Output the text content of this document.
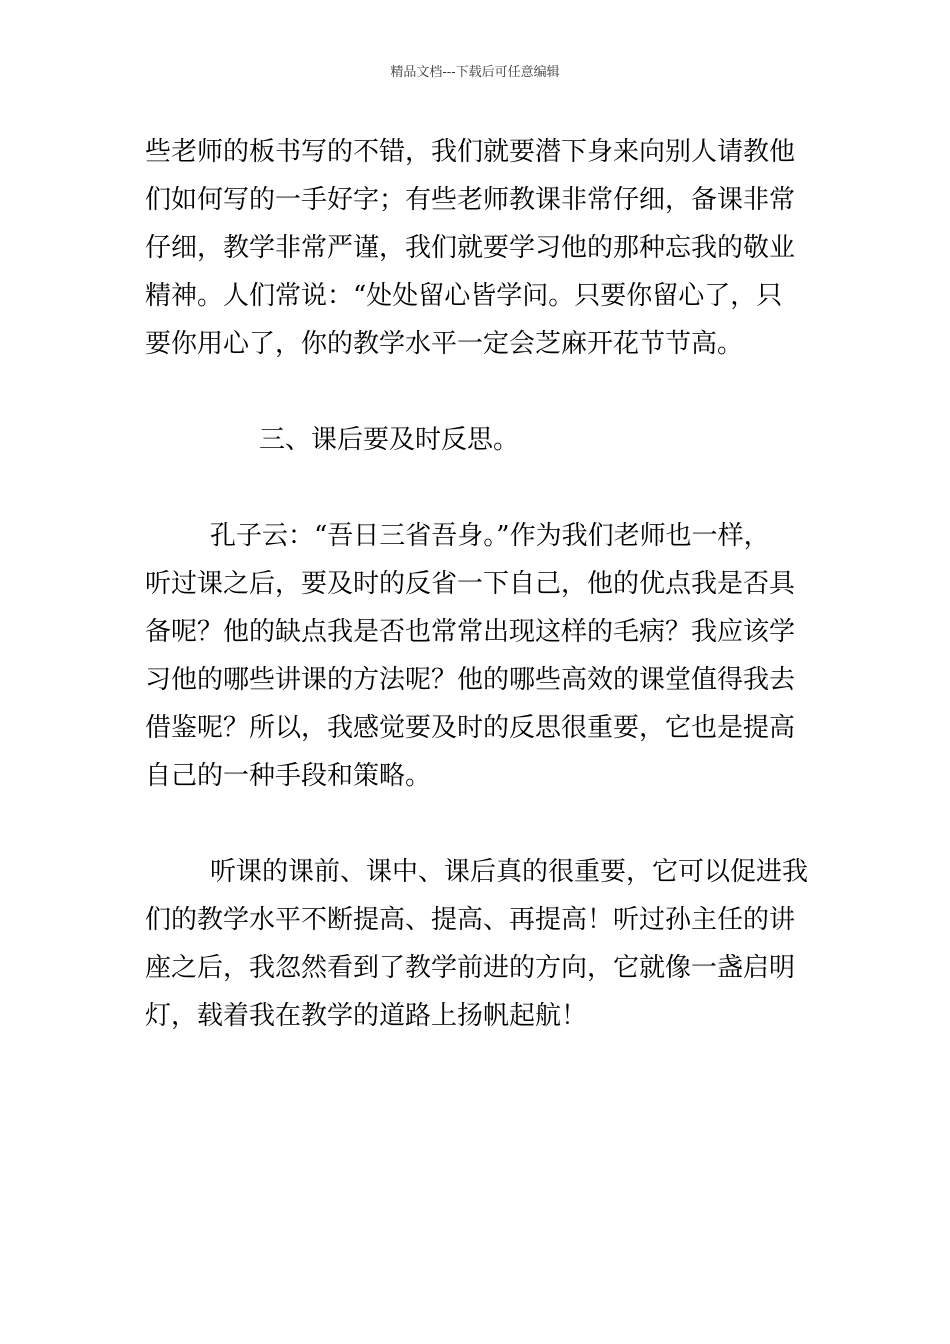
精品文档---下载后可任意编辑
些老师的板书写的不错，我们就要潜下身来向别人请教他
们如何写的一手好字；有些老师教课非常仔细，备课非常
仔细，教学非常严谨，我们就要学习他的那种忘我的敬业
精神。人们常说：“处处留心皆学问。只要你留心了，只
要你用心了，你的教学水平一定会芝麻开花节节高。
三、课后要及时反思。
孔子云：“吾日三省吾身。”作为我们老师也一样，
听过课之后，要及时的反省一下自己，他的优点我是否具
备呢？他的缺点我是否也常常出现这样的毛病？我应该学
习他的哪些讲课的方法呢？他的哪些高效的课堂值得我去
借鉴呢？所以，我感觉要及时的反思很重要，它也是提高
自己的一种手段和策略。
听课的课前、课中、课后真的很重要，它可以促进我
们的教学水平不断提高、提高、再提高！听过孙主任的讲
座之后，我忽然看到了教学前进的方向，它就像一盏启明
灯，载着我在教学的道路上扬帆起航！
